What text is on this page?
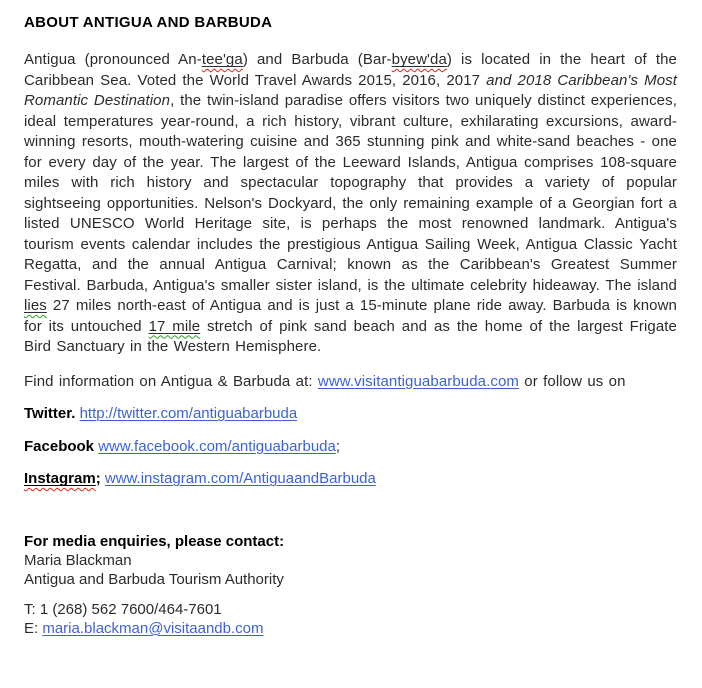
ABOUT ANTIGUA AND BARBUDA

Antigua (pronounced An-tee'ga) and Barbuda (Bar-byew'da) is located in the heart of the Caribbean Sea. Voted the World Travel Awards 2015, 2016, 2017 and 2018 Caribbean's Most Romantic Destination, the twin-island paradise offers visitors two uniquely distinct experiences, ideal temperatures year-round, a rich history, vibrant culture, exhilarating excursions, award-winning resorts, mouth-watering cuisine and 365 stunning pink and white-sand beaches - one for every day of the year. The largest of the Leeward Islands, Antigua comprises 108-square miles with rich history and spectacular topography that provides a variety of popular sightseeing opportunities. Nelson's Dockyard, the only remaining example of a Georgian fort a listed UNESCO World Heritage site, is perhaps the most renowned landmark. Antigua's tourism events calendar includes the prestigious Antigua Sailing Week, Antigua Classic Yacht Regatta, and the annual Antigua Carnival; known as the Caribbean's Greatest Summer Festival. Barbuda, Antigua's smaller sister island, is the ultimate celebrity hideaway. The island lies 27 miles north-east of Antigua and is just a 15-minute plane ride away. Barbuda is known for its untouched 17 mile stretch of pink sand beach and as the home of the largest Frigate Bird Sanctuary in the Western Hemisphere.

Find information on Antigua & Barbuda at: www.visitantiguabarbuda.com or follow us on

Twitter. http://twitter.com/antiguabarbuda

Facebook www.facebook.com/antiguabarbuda;

Instagram; www.instagram.com/AntiguaandBarbuda

For media enquiries, please contact:

Maria Blackman

Antigua and Barbuda Tourism Authority

T: 1 (268) 562 7600/464-7601

E: maria.blackman@visitaandb.com
